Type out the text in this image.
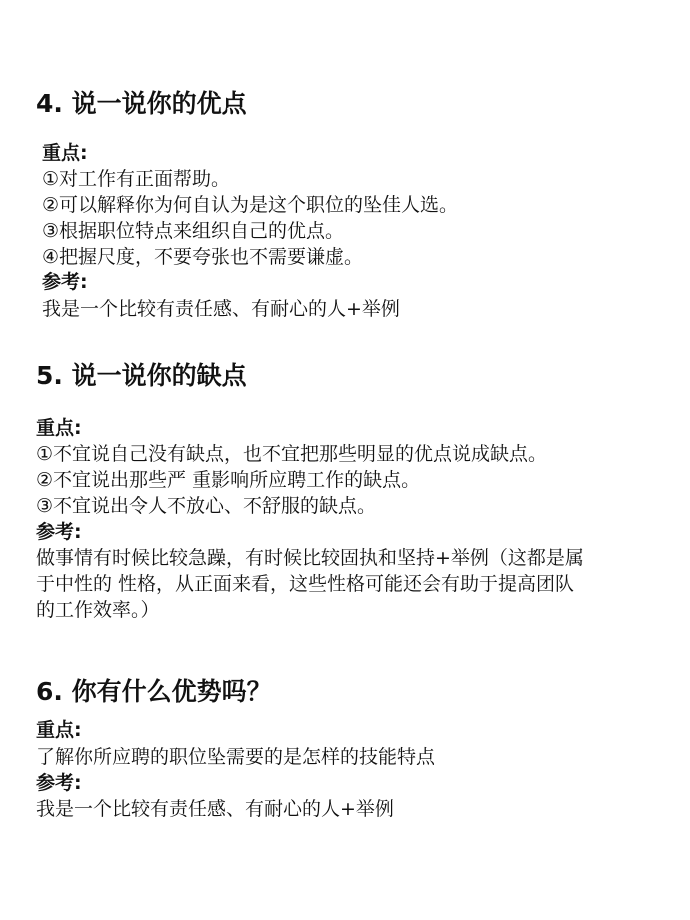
4. 说一说你的优点
重点:
①对工作有正面帮助。
②可以解释你为何自认为是这个职位的坠佳人选。
③根据职位特点来组织自己的优点。
④把握尺度，不要夸张也不需要谦虚。
参考:
我是一个比较有责任感、有耐心的人+举例
5. 说一说你的缺点
重点:
①不宜说自己没有缺点，也不宜把那些明显的优点说成缺点。
②不宜说出那些严 重影响所应聘工作的缺点。
③不宜说出令人不放心、不舒服的缺点。
参考:
做事情有时候比较急躁，有时候比较固执和坚持+举例（这都是属
于中性的 性格，从正面来看，这些性格可能还会有助于提高团队
的工作效率。）
6. 你有什么优势吗？
重点:
了解你所应聘的职位坠需要的是怎样的技能特点
参考:
我是一个比较有责任感、有耐心的人+举例
